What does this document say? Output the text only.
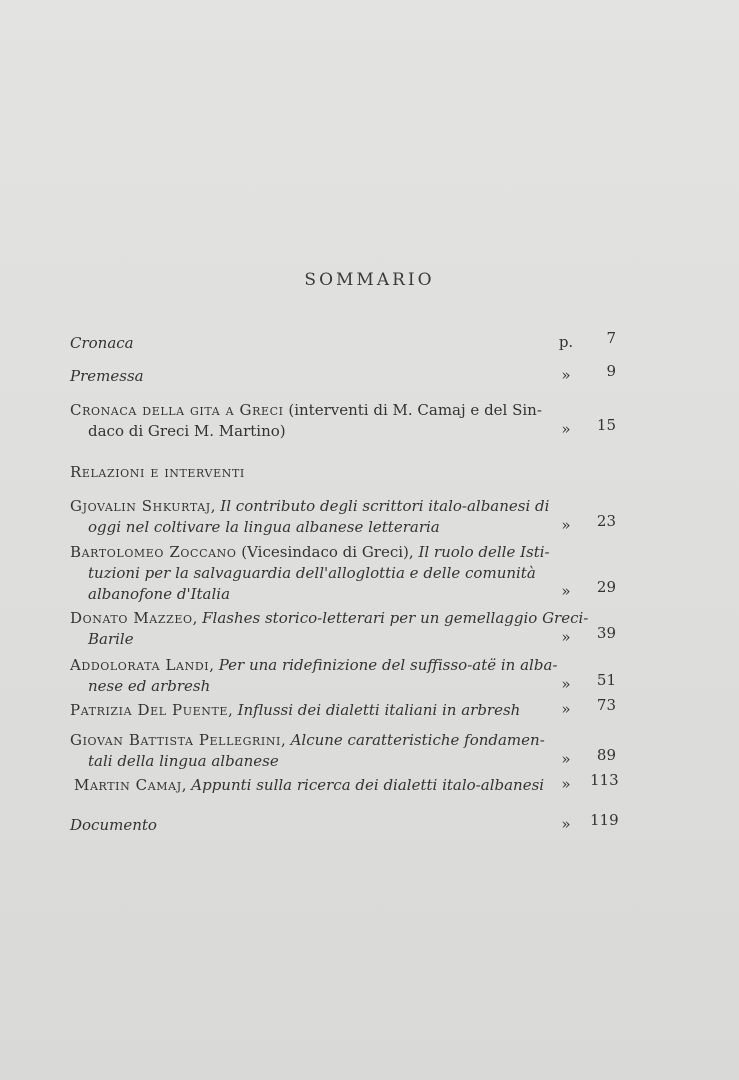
SOMMARIO
Cronaca	p.	7
Premessa	»	9
Cronaca della gita a Greci (interventi di M. Camaj e del Sin-
daco di Greci M. Martino)	»	15
Relazioni e interventi
Gjovalin Shkurtaj, Il contributo degli scrittori italo-albanesi di
oggi nel coltivare la lingua albanese letteraria	»	23
Bartolomeo Zoccano (Vicesindaco di Greci), Il ruolo delle Isti-
tuzioni per la salvaguardia dell'alloglottia e delle comunità
albanofone d'Italia	»	29
Donato Mazzeo, Flashes storico-letterari per un gemellaggio Greci-
Barile	»	39
Addolorata Landi, Per una ridefinizione del suffisso-atë in alba-
nese ed arbresh	»	51
Patrizia Del Puente, Influssi dei dialetti italiani in arbresh	»	73
Giovan Battista Pellegrini, Alcune caratteristiche fondamen-
tali della lingua albanese	»	89
Martin Camaj, Appunti sulla ricerca dei dialetti italo-albanesi	»	113
Documento	»	119
